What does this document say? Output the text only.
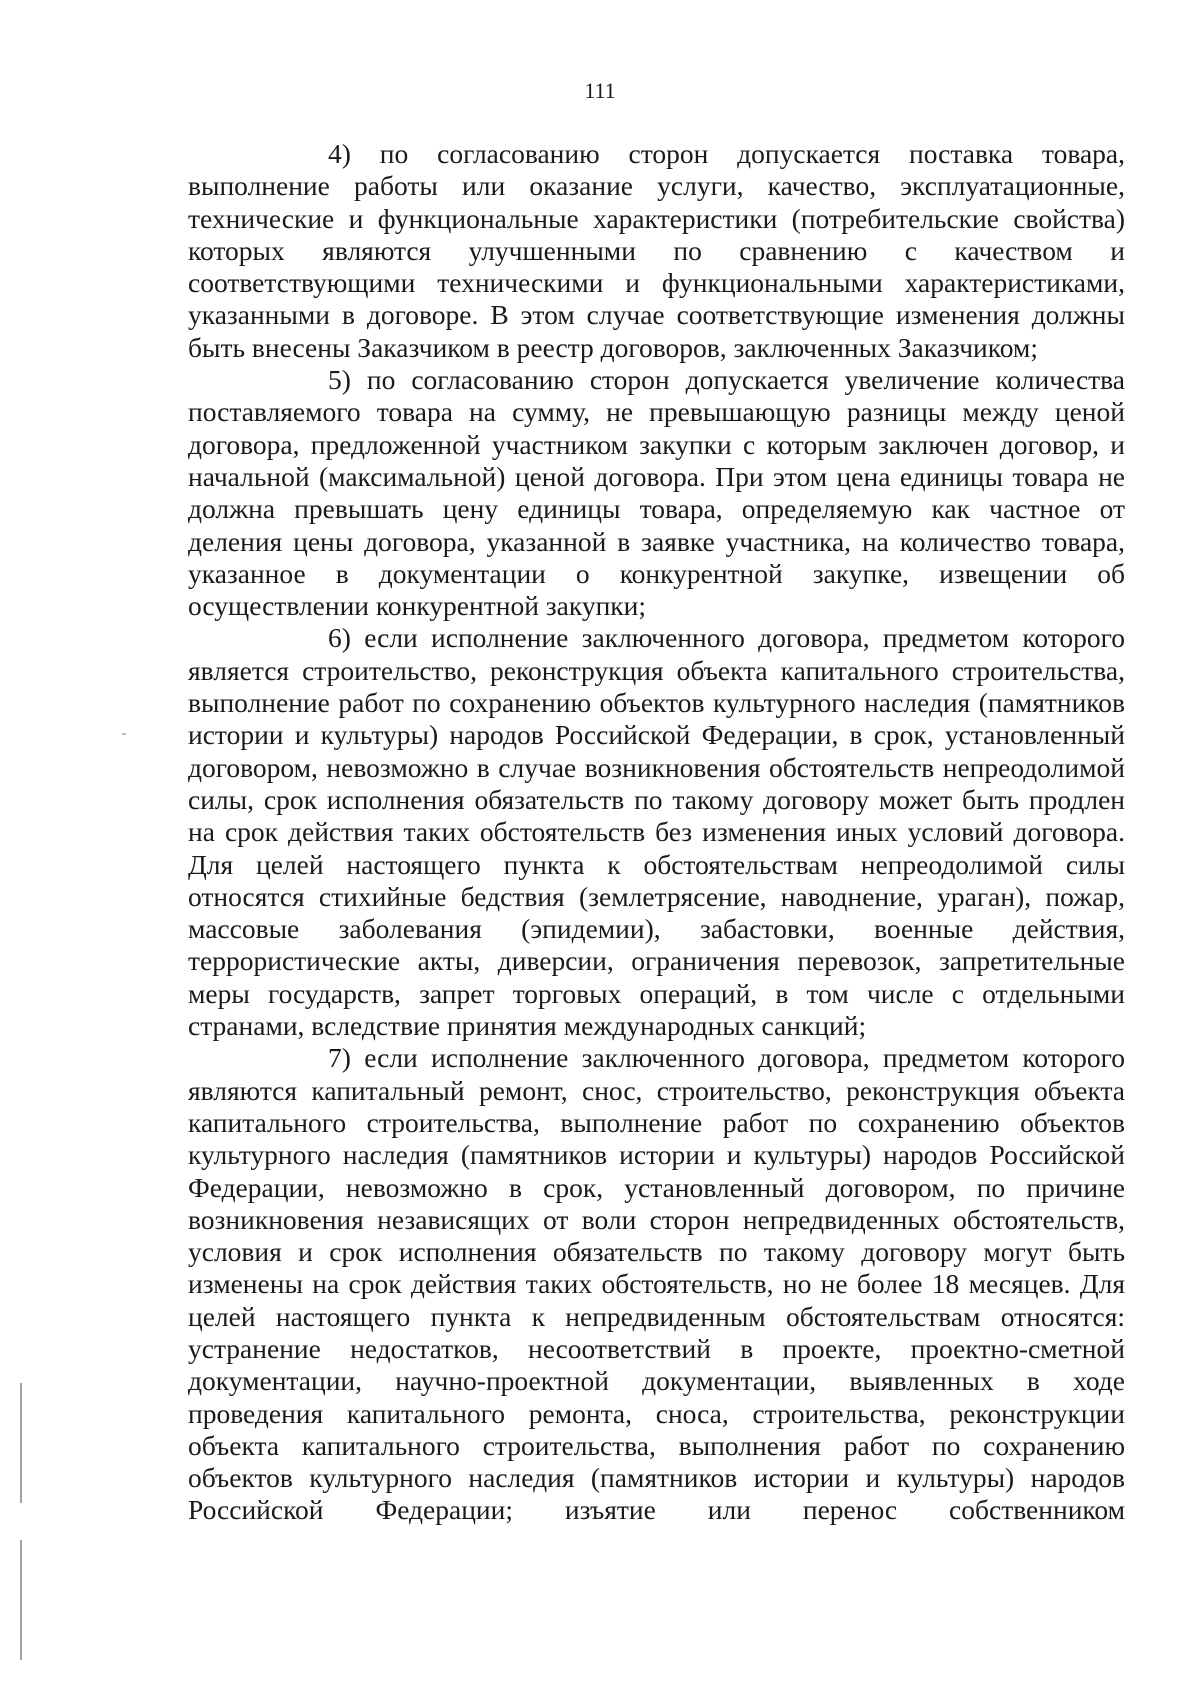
111

4) по согласованию сторон допускается поставка товара, выполнение работы или оказание услуги, качество, эксплуатационные, технические и функциональные характеристики (потребительские свойства) которых являются улучшенными по сравнению с качеством и соответствующими техническими и функциональными характеристиками, указанными в договоре. В этом случае соответствующие изменения должны быть внесены Заказчиком в реестр договоров, заключенных Заказчиком;

5) по согласованию сторон допускается увеличение количества поставляемого товара на сумму, не превышающую разницы между ценой договора, предложенной участником закупки с которым заключен договор, и начальной (максимальной) ценой договора. При этом цена единицы товара не должна превышать цену единицы товара, определяемую как частное от деления цены договора, указанной в заявке участника, на количество товара, указанное в документации о конкурентной закупке, извещении об осуществлении конкурентной закупки;

6) если исполнение заключенного договора, предметом которого является строительство, реконструкция объекта капитального строительства, выполнение работ по сохранению объектов культурного наследия (памятников истории и культуры) народов Российской Федерации, в срок, установленный договором, невозможно в случае возникновения обстоятельств непреодолимой силы, срок исполнения обязательств по такому договору может быть продлен на срок действия таких обстоятельств без изменения иных условий договора. Для целей настоящего пункта к обстоятельствам непреодолимой силы относятся стихийные бедствия (землетрясение, наводнение, ураган), пожар, массовые заболевания (эпидемии), забастовки, военные действия, террористические акты, диверсии, ограничения перевозок, запретительные меры государств, запрет торговых операций, в том числе с отдельными странами, вследствие принятия международных санкций;

7) если исполнение заключенного договора, предметом которого являются капитальный ремонт, снос, строительство, реконструкция объекта капитального строительства, выполнение работ по сохранению объектов культурного наследия (памятников истории и культуры) народов Российской Федерации, невозможно в срок, установленный договором, по причине возникновения независящих от воли сторон непредвиденных обстоятельств, условия и срок исполнения обязательств по такому договору могут быть изменены на срок действия таких обстоятельств, но не более 18 месяцев. Для целей настоящего пункта к непредвиденным обстоятельствам относятся: устранение недостатков, несоответствий в проекте, проектно-сметной документации, научно-проектной документации, выявленных в ходе проведения капитального ремонта, сноса, строительства, реконструкции объекта капитального строительства, выполнения работ по сохранению объектов культурного наследия (памятников истории и культуры) народов Российской Федерации; изъятие или перенос собственником
